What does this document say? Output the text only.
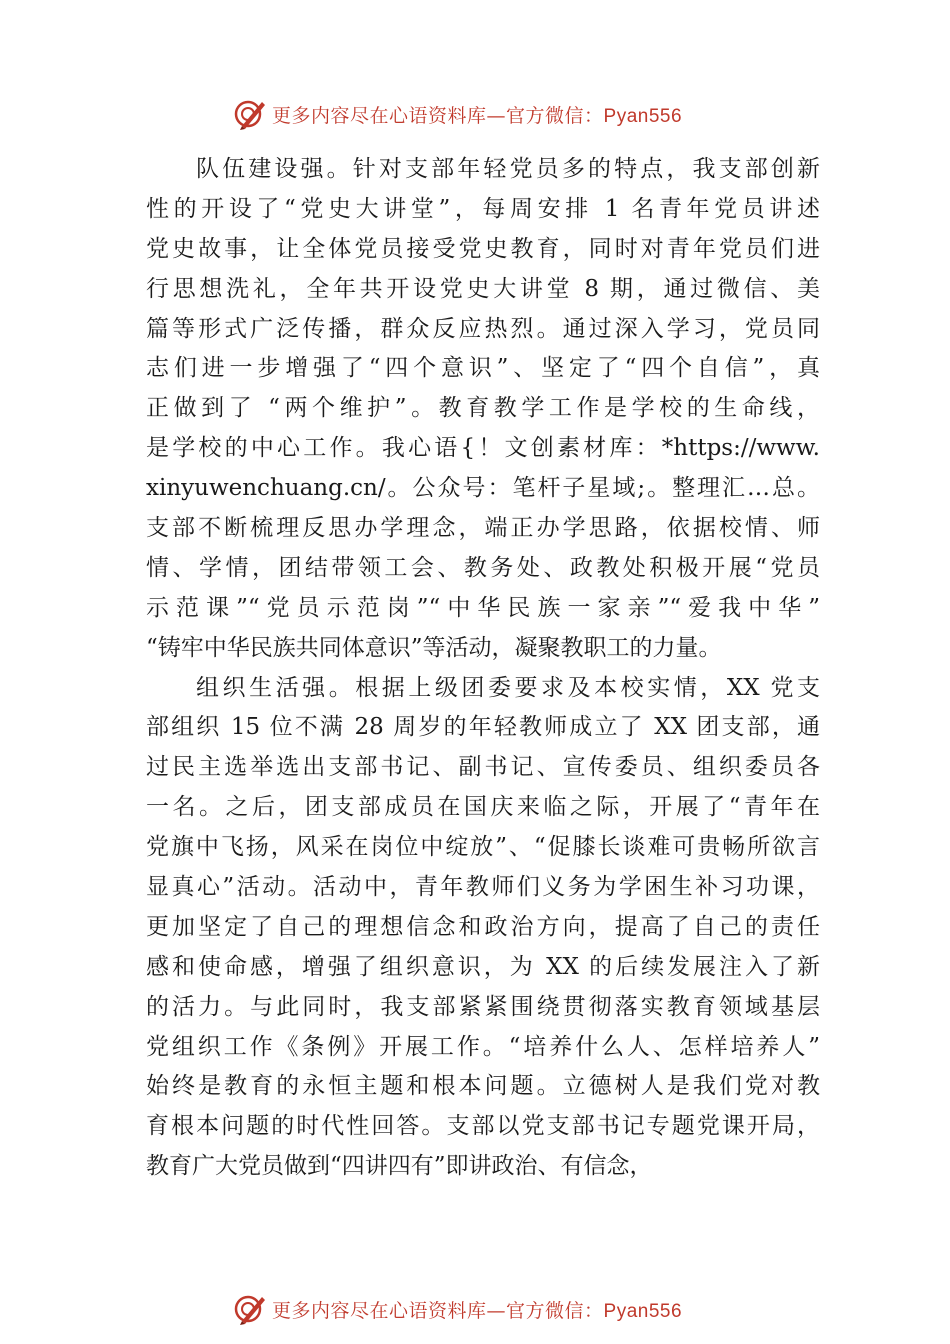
更多内容尽在心语资料库—官方微信：Pyan556
队伍建设强。针对支部年轻党员多的特点，我支部创新
性的开设了“党史大讲堂”，每周安排 1 名青年党员讲述
党史故事，让全体党员接受党史教育，同时对青年党员们进
行思想洗礼，全年共开设党史大讲堂 8 期，通过微信、美
篇等形式广泛传播，群众反应热烈。通过深入学习，党员同
志们进一步增强了“四个意识”、坚定了“四个自信”，真
正做到了 “两个维护”。教育教学工作是学校的生命线，
是学校的中心工作。我心语{！文创素材库：*https://www.
xinyuwenchuang.cn/。公众号：笔杆子星域;。整理汇…总。
支部不断梳理反思办学理念，端正办学思路，依据校情、师
情、学情，团结带领工会、教务处、政教处积极开展“党员
示范课”“党员示范岗”“中华民族一家亲”“爱我中华”
“铸牢中华民族共同体意识”等活动，凝聚教职工的力量。
组织生活强。根据上级团委要求及本校实情，XX 党支
部组织 15 位不满 28 周岁的年轻教师成立了 XX 团支部，通
过民主选举选出支部书记、副书记、宣传委员、组织委员各
一名。之后，团支部成员在国庆来临之际，开展了“青年在
党旗中飞扬，风采在岗位中绽放”、“促膝长谈难可贵畅所欲言
显真心”活动。活动中，青年教师们义务为学困生补习功课，
更加坚定了自己的理想信念和政治方向，提高了自己的责任
感和使命感，增强了组织意识，为 XX 的后续发展注入了新
的活力。与此同时，我支部紧紧围绕贯彻落实教育领域基层
党组织工作《条例》开展工作。“培养什么人、怎样培养人”
始终是教育的永恒主题和根本问题。立德树人是我们党对教
育根本问题的时代性回答。支部以党支部书记专题党课开局，
教育广大党员做到“四讲四有”即讲政治、有信念，
更多内容尽在心语资料库—官方微信：Pyan556
